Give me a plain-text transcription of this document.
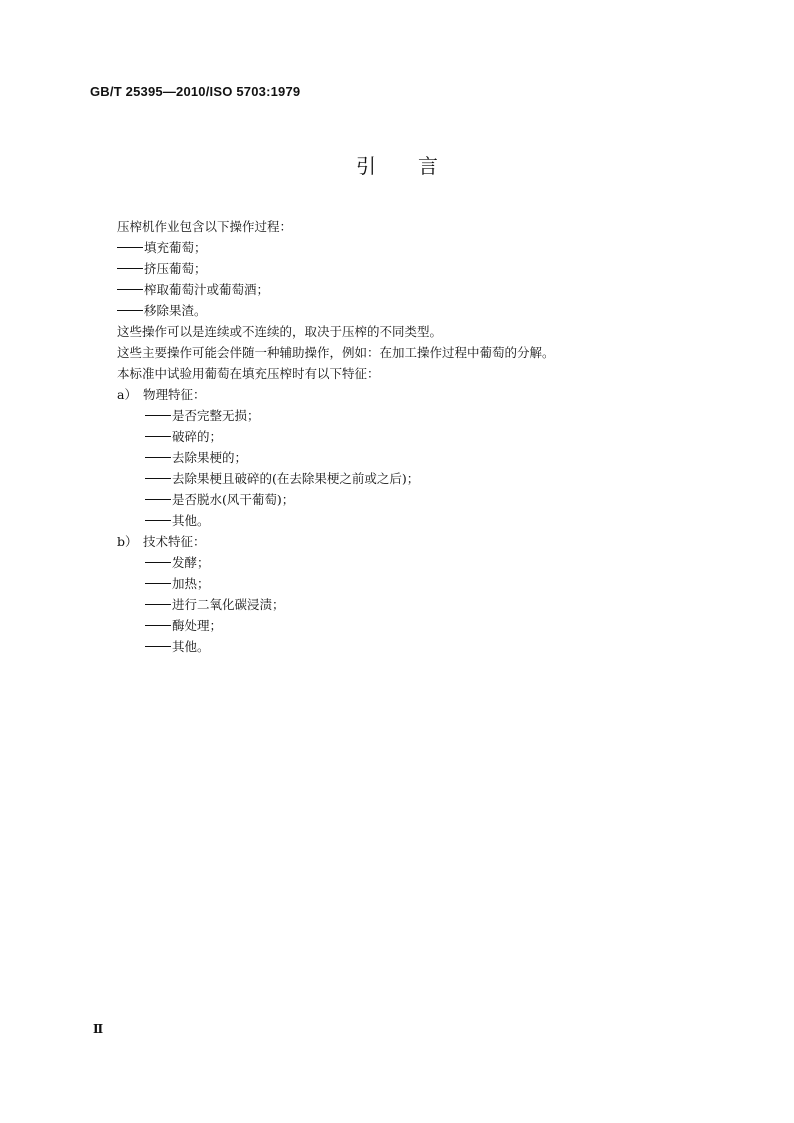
GB/T 25395—2010/ISO 5703:1979
引 言
压榨机作业包含以下操作过程：
填充葡萄；
挤压葡萄；
榨取葡萄汁或葡萄酒；
移除果渣。
这些操作可以是连续或不连续的，取决于压榨的不同类型。
这些主要操作可能会伴随一种辅助操作，例如：在加工操作过程中葡萄的分解。
本标准中试验用葡萄在填充压榨时有以下特征：
a） 物理特征：
是否完整无损；
破碎的；
去除果梗的；
去除果梗且破碎的(在去除果梗之前或之后)；
是否脱水(风干葡萄)；
其他。
b） 技术特征：
发酵；
加热；
进行二氧化碳浸渍；
酶处理；
其他。
Ⅱ
